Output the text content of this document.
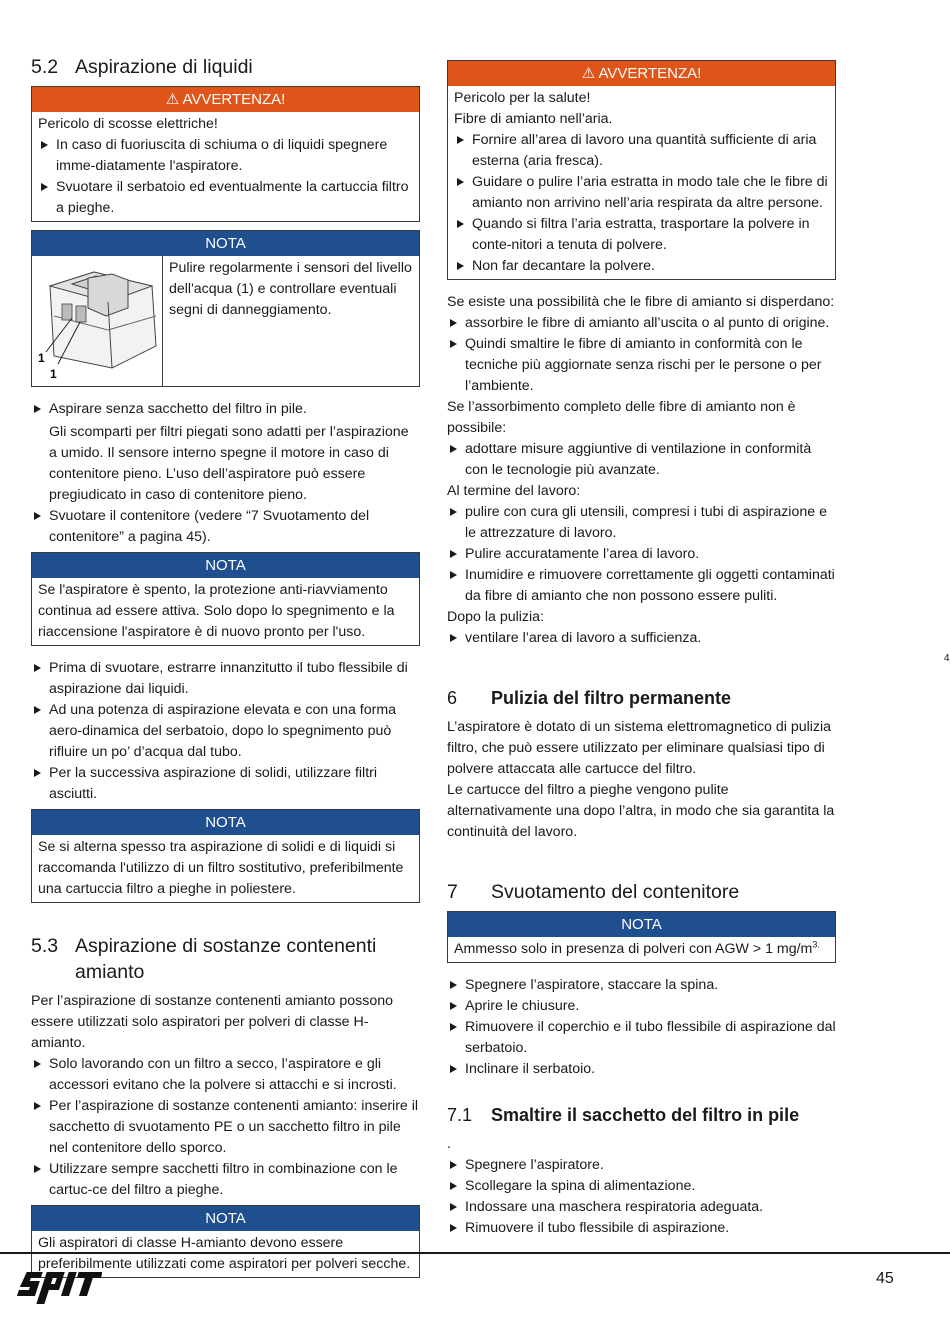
5.2 Aspirazione di liquidi
⚠ AVVERTENZA!
Pericolo di scosse elettriche!
In caso di fuoriuscita di schiuma o di liquidi spegnere imme-diatamente l'aspiratore.
Svuotare il serbatoio ed eventualmente la cartuccia filtro a pieghe.
NOTA
1
1
Pulire regolarmente i sensori del livello dell'acqua (1) e controllare eventuali segni di danneggiamento.
Aspirare senza sacchetto del filtro in pile.
Gli scomparti per filtri piegati sono adatti per l’aspirazione a umido. Il sensore interno spegne il motore in caso di contenitore pieno. L’uso dell’aspiratore può essere pregiudicato in caso di contenitore pieno.
Svuotare il contenitore (vedere “7 Svuotamento del contenitore” a pagina 45).
NOTA
Se l'aspiratore è spento, la protezione anti-riavviamento continua ad essere attiva. Solo dopo lo spegnimento e la riaccensione l'aspiratore è di nuovo pronto per l'uso.
Prima di svuotare, estrarre innanzitutto il tubo flessibile di aspirazione dai liquidi.
Ad una potenza di aspirazione elevata e con una forma aero-dinamica del serbatoio, dopo lo spegnimento può rifluire un po’ d’acqua dal tubo.
Per la successiva aspirazione di solidi, utilizzare filtri asciutti.
NOTA
Se si alterna spesso tra aspirazione di solidi e di liquidi si raccomanda l'utilizzo di un filtro sostitutivo, preferibilmente una cartuccia filtro a pieghe in poliestere.
5.3 Aspirazione di sostanze contenenti amianto
Per l’aspirazione di sostanze contenenti amianto possono essere utilizzati solo aspiratori per polveri di classe H-amianto.
Solo lavorando con un filtro a secco, l’aspiratore e gli accessori evitano che la polvere si attacchi e si incrosti.
Per l’aspirazione di sostanze contenenti amianto: inserire il sacchetto di svuotamento PE o un sacchetto filtro in pile nel contenitore dello sporco.
Utilizzare sempre sacchetti filtro in combinazione con le cartuc-ce del filtro a pieghe.
NOTA
Gli aspiratori di classe H-amianto devono essere preferibilmente utilizzati come aspiratori per polveri secche.
⚠ AVVERTENZA!
Pericolo per la salute!
Fibre di amianto nell’aria.
Fornire all’area di lavoro una quantità sufficiente di aria esterna (aria fresca).
Guidare o pulire l’aria estratta in modo tale che le fibre di amianto non arrivino nell’aria respirata da altre persone.
Quando si filtra l’aria estratta, trasportare la polvere in conte-nitori a tenuta di polvere.
Non far decantare la polvere.
Se esiste una possibilità che le fibre di amianto si disperdano:
assorbire le fibre di amianto all’uscita o al punto di origine.
Quindi smaltire le fibre di amianto in conformità con le tecniche più aggiornate senza rischi per le persone o per l’ambiente.
Se l’assorbimento completo delle fibre di amianto non è possibile:
adottare misure aggiuntive di ventilazione in conformità con le tecnologie più avanzate.
Al termine del lavoro:
pulire con cura gli utensili, compresi i tubi di aspirazione e le attrezzature di lavoro.
Pulire accuratamente l’area di lavoro.
Inumidire e rimuovere correttamente gli oggetti contaminati da fibre di amianto che non possono essere puliti.
Dopo la pulizia:
ventilare l’area di lavoro a sufficienza.
6	Pulizia del filtro permanente
L’aspiratore è dotato di un sistema elettromagnetico di pulizia filtro, che può essere utilizzato per eliminare qualsiasi tipo di polvere attaccata alle cartucce del filtro.
Le cartucce del filtro a pieghe vengono pulite alternativamente una dopo l’altra, in modo che sia garantita la continuità del lavoro.
7	Svuotamento del contenitore
NOTA
Ammesso solo in presenza di polveri con AGW > 1 $mg/m^{3.}$
Spegnere l’aspiratore, staccare la spina.
Aprire le chiusure.
Rimuovere il coperchio e il tubo flessibile di aspirazione dal serbatoio.
Inclinare il serbatoio.
7.1	Smaltire il sacchetto del filtro in pile
.
Spegnere l’aspiratore.
Scollegare la spina di alimentazione.
Indossare una maschera respiratoria adeguata.
Rimuovere il tubo flessibile di aspirazione.
4
45
